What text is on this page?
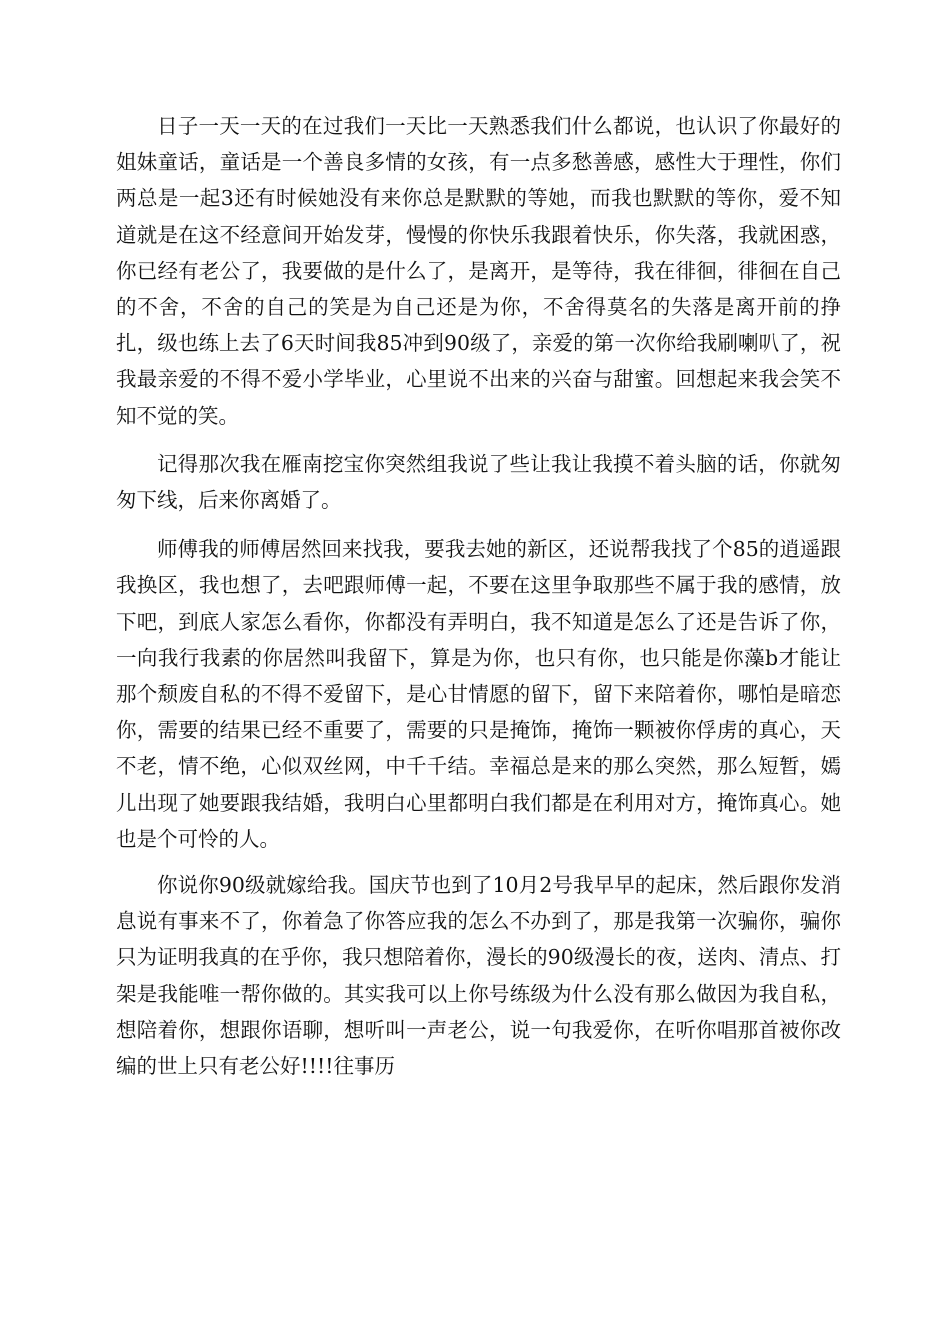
日子一天一天的在过我们一天比一天熟悉我们什么都说，也认识了你最好的姐妹童话，童话是一个善良多情的女孩，有一点多愁善感，感性大于理性，你们两总是一起3还有时候她没有来你总是默默的等她，而我也默默的等你，爱不知道就是在这不经意间开始发芽，慢慢的你快乐我跟着快乐，你失落，我就困惑，你已经有老公了，我要做的是什么了，是离开，是等待，我在徘徊，徘徊在自己的不舍，不舍的自己的笑是为自己还是为你，不舍得莫名的失落是离开前的挣扎，级也练上去了6天时间我85冲到90级了，亲爱的第一次你给我刷喇叭了，祝我最亲爱的不得不爱小学毕业，心里说不出来的兴奋与甜蜜。回想起来我会笑不知不觉的笑。

记得那次我在雁南挖宝你突然组我说了些让我让我摸不着头脑的话，你就匆匆下线，后来你离婚了。

师傅我的师傅居然回来找我，要我去她的新区，还说帮我找了个85的逍遥跟我换区，我也想了，去吧跟师傅一起，不要在这里争取那些不属于我的感情，放下吧，到底人家怎么看你，你都没有弄明白，我不知道是怎么了还是告诉了你，一向我行我素的你居然叫我留下，算是为你，也只有你，也只能是你藻b才能让那个颓废自私的不得不爱留下，是心甘情愿的留下，留下来陪着你，哪怕是暗恋你，需要的结果已经不重要了，需要的只是掩饰，掩饰一颗被你俘虏的真心，天不老，情不绝，心似双丝网，中千千结。幸福总是来的那么突然，那么短暂，嫣儿出现了她要跟我结婚，我明白心里都明白我们都是在利用对方，掩饰真心。她也是个可怜的人。

你说你90级就嫁给我。国庆节也到了10月2号我早早的起床，然后跟你发消息说有事来不了，你着急了你答应我的怎么不办到了，那是我第一次骗你，骗你只为证明我真的在乎你，我只想陪着你，漫长的90级漫长的夜，送肉、清点、打架是我能唯一帮你做的。其实我可以上你号练级为什么没有那么做因为我自私，想陪着你，想跟你语聊，想听叫一声老公，说一句我爱你，在听你唱那首被你改编的世上只有老公好!!!!往事历
